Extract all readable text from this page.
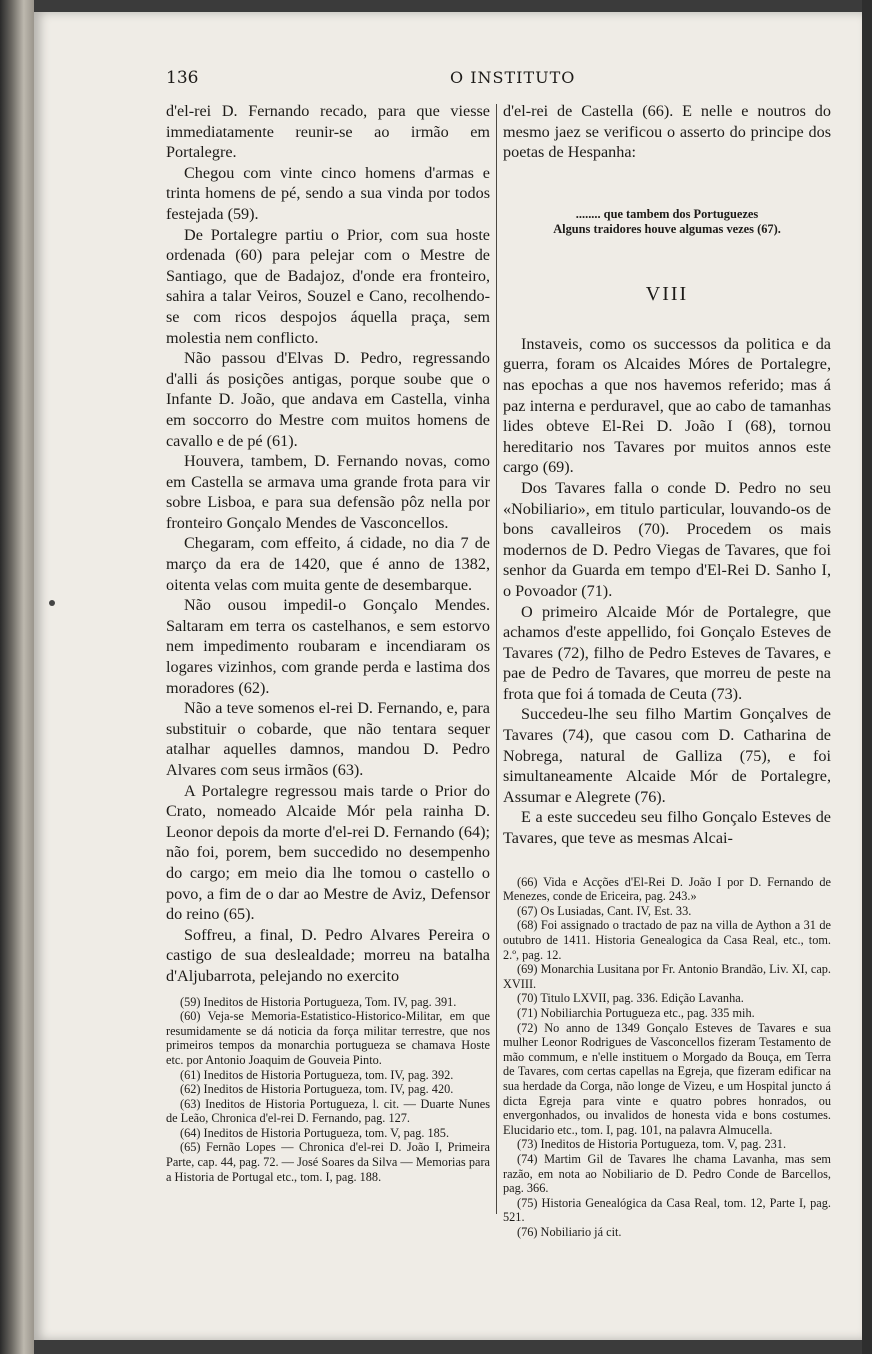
136	O INSTITUTO

d'el-rei D. Fernando recado, para que viesse immediatamente reunir-se ao irmão em Portalegre.

Chegou com vinte cinco homens d'armas e trinta homens de pé, sendo a sua vinda por todos festejada (59).

De Portalegre partiu o Prior, com sua hoste ordenada (60) para pelejar com o Mestre de Santiago, que de Badajoz, d'onde era fronteiro, sahira a talar Veiros, Souzel e Cano, recolhendo-se com ricos despojos áquella praça, sem molestia nem conflicto.

Não passou d'Elvas D. Pedro, regressando d'alli ás posições antigas, porque soube que o Infante D. João, que andava em Castella, vinha em soccorro do Mestre com muitos homens de cavallo e de pé (61).

Houvera, tambem, D. Fernando novas, como em Castella se armava uma grande frota para vir sobre Lisboa, e para sua defensão pôz nella por fronteiro Gonçalo Mendes de Vasconcellos.

Chegaram, com effeito, á cidade, no dia 7 de março da era de 1420, que é anno de 1382, oitenta velas com muita gente de desembarque.

Não ousou impedil-o Gonçalo Mendes. Saltaram em terra os castelhanos, e sem estorvo nem impedimento roubaram e incendiaram os logares vizinhos, com grande perda e lastima dos moradores (62).

Não a teve somenos el-rei D. Fernando, e, para substituir o cobarde, que não tentara sequer atalhar aquelles damnos, mandou D. Pedro Alvares com seus irmãos (63).

A Portalegre regressou mais tarde o Prior do Crato, nomeado Alcaide Mór pela rainha D. Leonor depois da morte d'el-rei D. Fernando (64); não foi, porem, bem succedido no desempenho do cargo; em meio dia lhe tomou o castello o povo, a fim de o dar ao Mestre de Aviz, Defensor do reino (65).

Soffreu, a final, D. Pedro Alvares Pereira o castigo de sua deslealdade; morreu na batalha d'Aljubarrota, pelejando no exercito

(59) Ineditos de Historia Portugueza, Tom. IV, pag. 391.

(60) Veja-se Memoria-Estatistico-Historico-Militar, em que resumidamente se dá noticia da força militar terrestre, que nos primeiros tempos da monarchia portugueza se chamava Hoste etc. por Antonio Joaquim de Gouveia Pinto.

(61) Ineditos de Historia Portugueza, tom. IV, pag. 392.

(62) Ineditos de Historia Portugueza, tom. IV, pag. 420.

(63) Ineditos de Historia Portugueza, l. cit. — Duarte Nunes de Leão, Chronica d'el-rei D. Fernando, pag. 127.

(64) Ineditos de Historia Portugueza, tom. V, pag. 185.

(65) Fernão Lopes — Chronica d'el-rei D. João I, Primeira Parte, cap. 44, pag. 72. — José Soares da Silva — Memorias para a Historia de Portugal etc., tom. I, pag. 188.

d'el-rei de Castella (66). E nelle e noutros do mesmo jaez se verificou o asserto do principe dos poetas de Hespanha:

........ que tambem dos Portuguezes

Alguns traidores houve algumas vezes (67).

VIII

Instaveis, como os successos da politica e da guerra, foram os Alcaides Móres de Portalegre, nas epochas a que nos havemos referido; mas á paz interna e perduravel, que ao cabo de tamanhas lides obteve El-Rei D. João I (68), tornou hereditario nos Tavares por muitos annos este cargo (69).

Dos Tavares falla o conde D. Pedro no seu «Nobiliario», em titulo particular, louvando-os de bons cavalleiros (70). Procedem os mais modernos de D. Pedro Viegas de Tavares, que foi senhor da Guarda em tempo d'El-Rei D. Sanho I, o Povoador (71).

O primeiro Alcaide Mór de Portalegre, que achamos d'este appellido, foi Gonçalo Esteves de Tavares (72), filho de Pedro Esteves de Tavares, e pae de Pedro de Tavares, que morreu de peste na frota que foi á tomada de Ceuta (73).

Succedeu-lhe seu filho Martim Gonçalves de Tavares (74), que casou com D. Catharina de Nobrega, natural de Galliza (75), e foi simultaneamente Alcaide Mór de Portalegre, Assumar e Alegrete (76).

E a este succedeu seu filho Gonçalo Esteves de Tavares, que teve as mesmas Alcai-

(66) Vida e Acções d'El-Rei D. João I por D. Fernando de Menezes, conde de Ericeira, pag. 243.»

(67) Os Lusiadas, Cant. IV, Est. 33.

(68) Foi assignado o tractado de paz na villa de Aython a 31 de outubro de 1411. Historia Genealogica da Casa Real, etc., tom. 2.º, pag. 12.

(69) Monarchia Lusitana por Fr. Antonio Brandão, Liv. XI, cap. XVIII.

(70) Titulo LXVII, pag. 336. Edição Lavanha.

(71) Nobiliarchia Portugueza etc., pag. 335 mih.

(72) No anno de 1349 Gonçalo Esteves de Tavares e sua mulher Leonor Rodrigues de Vasconcellos fizeram Testamento de mão commum, e n'elle instituem o Morgado da Bouça, em Terra de Tavares, com certas capellas na Egreja, que fizeram edificar na sua herdade da Corga, não longe de Vizeu, e um Hospital juncto á dicta Egreja para vinte e quatro pobres honrados, ou envergonhados, ou invalidos de honesta vida e bons costumes. Elucidario etc., tom. I, pag. 101, na palavra Almucella.

(73) Ineditos de Historia Portugueza, tom. V, pag. 231.

(74) Martim Gil de Tavares lhe chama Lavanha, mas sem razão, em nota ao Nobiliario de D. Pedro Conde de Barcellos, pag. 366.

(75) Historia Genealógica da Casa Real, tom. 12, Parte I, pag. 521.

(76) Nobiliario já cit.
